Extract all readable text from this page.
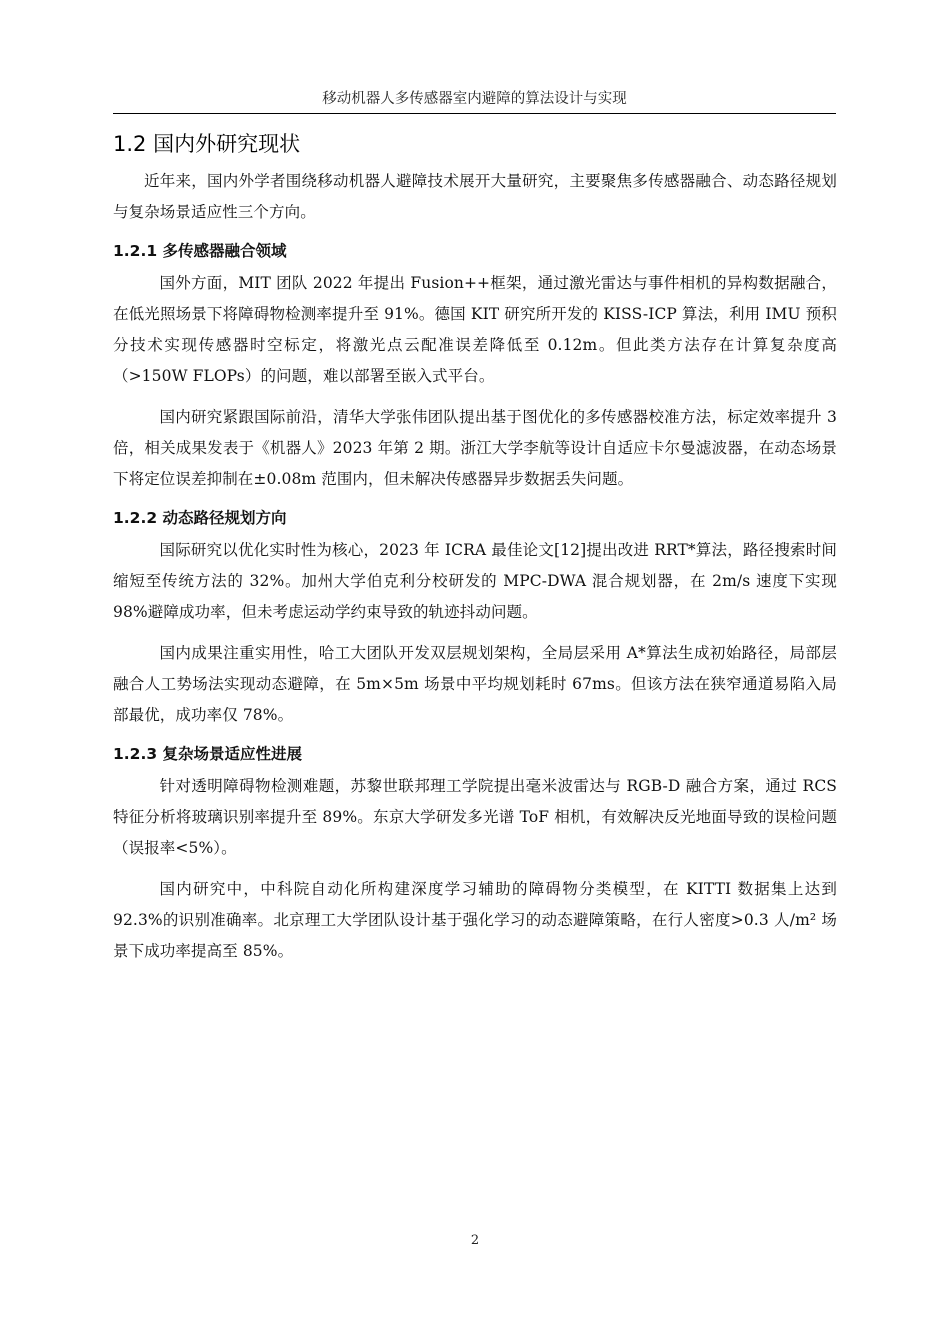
移动机器人多传感器室内避障的算法设计与实现
1.2 国内外研究现状

近年来，国内外学者围绕移动机器人避障技术展开大量研究，主要聚焦多传感器融合、动态路径规划与复杂场景适应性三个方向。

1.2.1 多传感器融合领域

国外方面，MIT 团队 2022 年提出 Fusion++框架，通过激光雷达与事件相机的异构数据融合，在低光照场景下将障碍物检测率提升至 91%。德国 KIT 研究所开发的 KISS-ICP 算法，利用 IMU 预积分技术实现传感器时空标定，将激光点云配准误差降低至 0.12m。但此类方法存在计算复杂度高（>150W FLOPs）的问题，难以部署至嵌入式平台。

国内研究紧跟国际前沿，清华大学张伟团队提出基于图优化的多传感器校准方法，标定效率提升 3 倍，相关成果发表于《机器人》2023 年第 2 期。浙江大学李航等设计自适应卡尔曼滤波器，在动态场景下将定位误差抑制在±0.08m 范围内，但未解决传感器异步数据丢失问题。

1.2.2 动态路径规划方向

国际研究以优化实时性为核心，2023 年 ICRA 最佳论文[12]提出改进 RRT*算法，路径搜索时间缩短至传统方法的 32%。加州大学伯克利分校研发的 MPC-DWA 混合规划器，在 2m/s 速度下实现 98%避障成功率，但未考虑运动学约束导致的轨迹抖动问题。

国内成果注重实用性，哈工大团队开发双层规划架构，全局层采用 A*算法生成初始路径，局部层融合人工势场法实现动态避障，在 5m×5m 场景中平均规划耗时 67ms。但该方法在狭窄通道易陷入局部最优，成功率仅 78%。

1.2.3 复杂场景适应性进展

针对透明障碍物检测难题，苏黎世联邦理工学院提出毫米波雷达与 RGB-D 融合方案，通过 RCS 特征分析将玻璃识别率提升至 89%。东京大学研发多光谱 ToF 相机，有效解决反光地面导致的误检问题（误报率<5%）。

国内研究中，中科院自动化所构建深度学习辅助的障碍物分类模型，在 KITTI 数据集上达到 92.3%的识别准确率。北京理工大学团队设计基于强化学习的动态避障策略，在行人密度>0.3 人/m² 场景下成功率提高至 85%。

2
